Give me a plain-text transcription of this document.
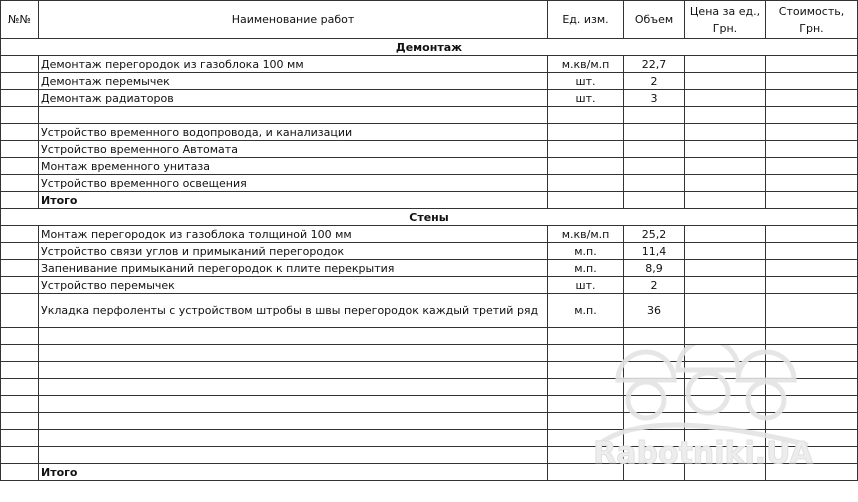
№№	Наименование работ	Ед. изм.	Объем	Цена за ед., Грн.	Стоимость, Грн.
Демонтаж					
	Демонтаж перегородок из газоблока 100 мм	м.кв/м.п	22,7		
	Демонтаж перемычек	шт.	2		
	Демонтаж радиаторов	шт.	3		

	Устройство временного водопровода, и канализации				
	Устройство временного Автомата				
	Монтаж временного унитаза				
	Устройство временного освещения				
	Итого				
Стены					
	Монтаж перегородок из газоблока толщиной 100 мм	м.кв/м.п	25,2		
	Устройство связи углов и примыканий перегородок	м.п.	11,4		
	Запенивание примыканий перегородок к плите перекрытия	м.п.	8,9		
	Устройство перемычек	шт.	2		
	Укладка перфоленты с устройством штробы в швы перегородок каждый третий ряд	м.п.	36		

	Итого				
Rabotniki.UA
